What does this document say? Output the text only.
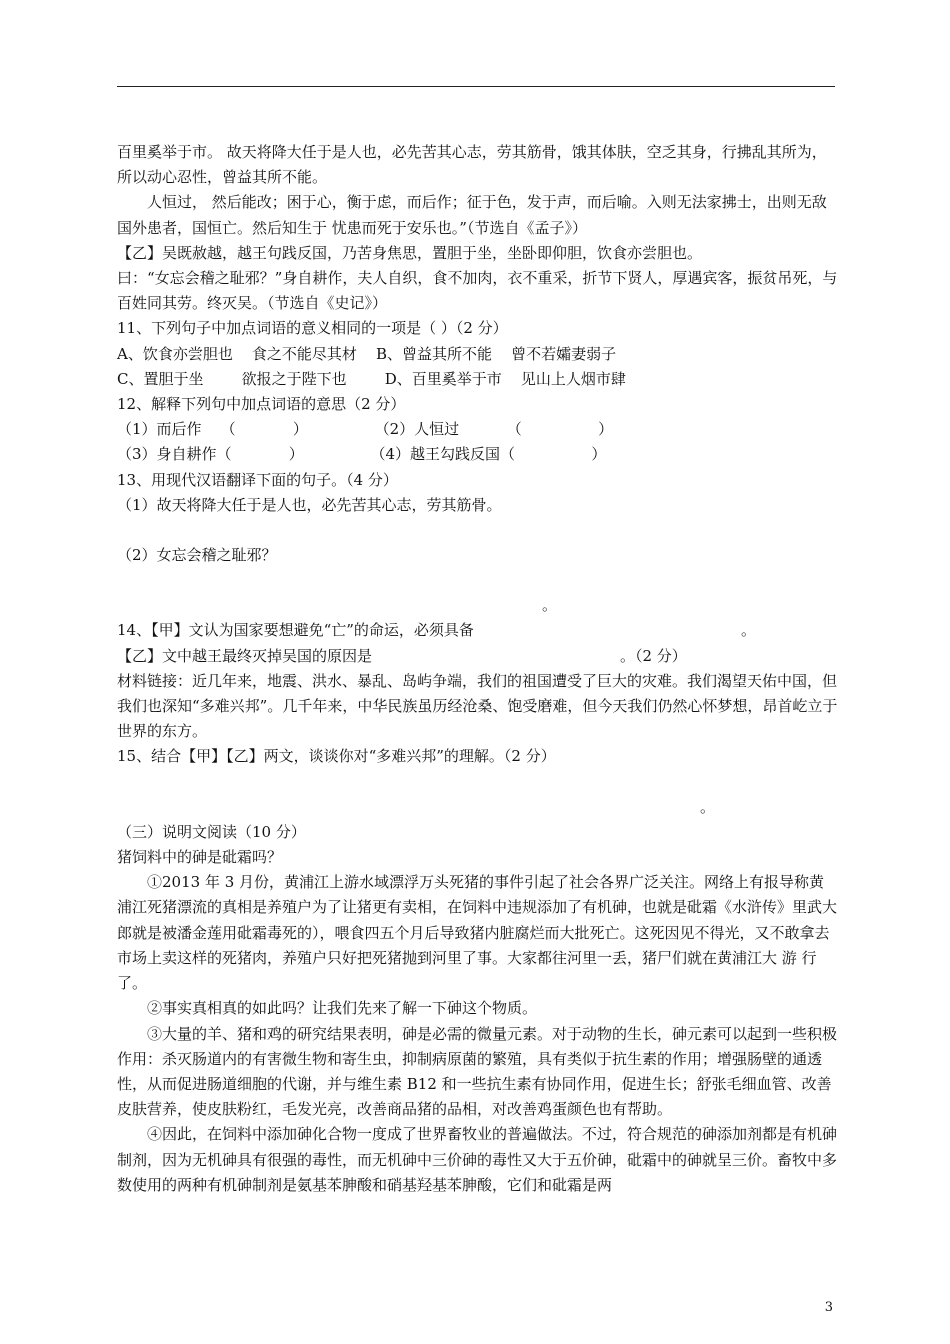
百里奚举于市。 故天将降大任于是人也，必先苦其心志，劳其筋骨，饿其体肤，空乏其身，行拂乱其所为，所以动心忍性，曾益其所不能。

人恒过， 然后能改；困于心，衡于虑，而后作；征于色，发于声，而后喻。入则无法家拂士，出则无敌国外患者，国恒亡。然后知生于 忧患而死于安乐也。”（节选自《孟子》）

【乙】吴既赦越，越王句践反国，乃苦身焦思，置胆于坐，坐卧即仰胆，饮食亦尝胆也。

曰：“女忘会稽之耻邪？”身自耕作，夫人自织，食不加肉，衣不重采，折节下贤人，厚遇宾客，振贫吊死，与百姓同其劳。终灭吴。（节选自《史记》）

11、下列句子中加点词语的意义相同的一项是（ ）（2 分）

A、饮食亦尝胆也    食之不能尽其材    B、曾益其所不能    曾不若孀妻弱子

C、置胆于坐        欲报之于陛下也        D、百里奚举于市    见山上人烟市肆

12、解释下列句中加点词语的意思（2 分）

（1）而后作    （            ）              （2）人恒过          （                ）

（3）身自耕作（            ）              （4）越王勾践反国（                ）

13、用现代汉语翻译下面的句子。（4 分）

（1）故天将降大任于是人也，必先苦其心志，劳其筋骨。

（2）女忘会稽之耻邪？

。

14、【甲】文认为国家要想避免“亡”的命运，必须具备                                                        。

【乙】文中越王最终灭掉吴国的原因是                                                    。（2 分）

材料链接：近几年来，地震、洪水、暴乱、岛屿争端，我们的祖国遭受了巨大的灾难。我们渴望天佑中国，但我们也深知“多难兴邦”。几千年来，中华民族虽历经沧桑、饱受磨难，但今天我们仍然心怀梦想，昂首屹立于世界的东方。

15、结合【甲】【乙】两文，谈谈你对“多难兴邦”的理解。（2 分）

。

（三）说明文阅读（10 分）

猪饲料中的砷是砒霜吗？

①2013 年 3 月份，黄浦江上游水域漂浮万头死猪的事件引起了社会各界广泛关注。网络上有报导称黄浦江死猪漂流的真相是养殖户为了让猪更有卖相，在饲料中违规添加了有机砷，也就是砒霜《水浒传》里武大郎就是被潘金莲用砒霜毒死的），喂食四五个月后导致猪内脏腐烂而大批死亡。这死因见不得光，又不敢拿去市场上卖这样的死猪肉，养殖户只好把死猪抛到河里了事。大家都往河里一丢，猪尸们就在黄浦江大 游 行了。

②事实真相真的如此吗？让我们先来了解一下砷这个物质。

③大量的羊、猪和鸡的研究结果表明，砷是必需的微量元素。对于动物的生长，砷元素可以起到一些积极作用：杀灭肠道内的有害微生物和寄生虫，抑制病原菌的繁殖，具有类似于抗生素的作用；增强肠壁的通透性，从而促进肠道细胞的代谢，并与维生素 B12 和一些抗生素有协同作用，促进生长；舒张毛细血管、改善皮肤营养，使皮肤粉红，毛发光亮，改善商品猪的品相，对改善鸡蛋颜色也有帮助。

④因此，在饲料中添加砷化合物一度成了世界畜牧业的普遍做法。不过，符合规范的砷添加剂都是有机砷制剂，因为无机砷具有很强的毒性，而无机砷中三价砷的毒性又大于五价砷，砒霜中的砷就呈三价。畜牧中多数使用的两种有机砷制剂是氨基苯胂酸和硝基羟基苯胂酸，它们和砒霜是两

3
